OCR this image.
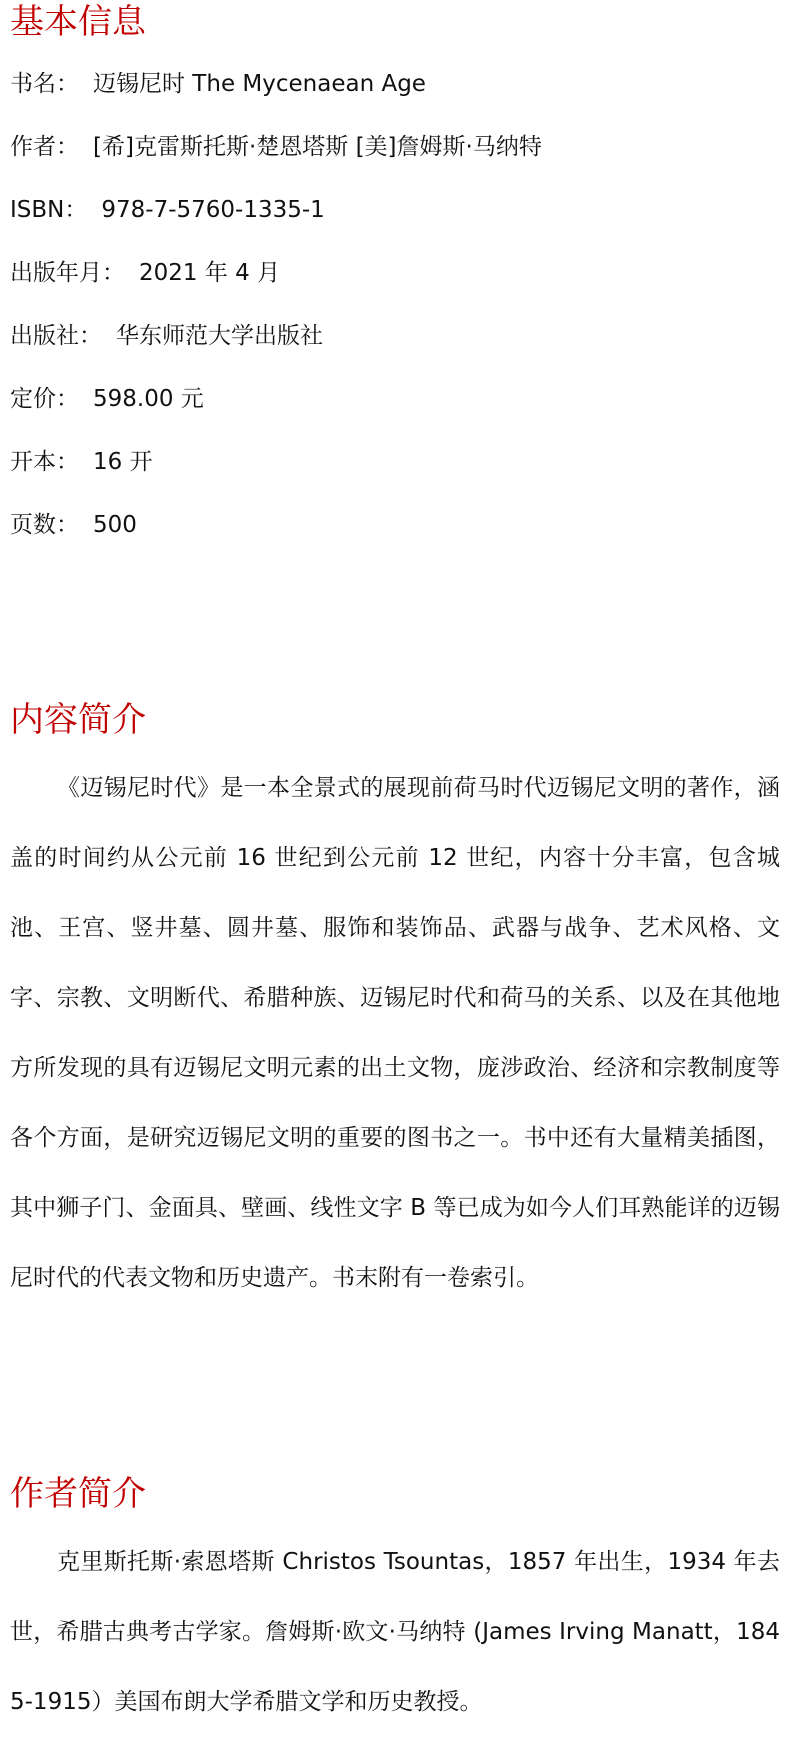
基本信息
书名： 迈锡尼时 The Mycenaean Age
作者： [希]克雷斯托斯·楚恩塔斯 [美]詹姆斯·马纳特
ISBN： 978-7-5760-1335-1
出版年月： 2021 年 4 月
出版社： 华东师范大学出版社
定价： 598.00 元
开本： 16 开
页数： 500
内容简介

《迈锡尼时代》是一本全景式的展现前荷马时代迈锡尼文明的著作，涵盖的时间约从公元前 16 世纪到公元前 12 世纪，内容十分丰富，包含城池、王宫、竖井墓、圆井墓、服饰和装饰品、武器与战争、艺术风格、文字、宗教、文明断代、希腊种族、迈锡尼时代和荷马的关系、以及在其他地方所发现的具有迈锡尼文明元素的出土文物，庞涉政治、经济和宗教制度等各个方面，是研究迈锡尼文明的重要的图书之一。书中还有大量精美插图，其中狮子门、金面具、壁画、线性文字 B 等已成为如今人们耳熟能详的迈锡尼时代的代表文物和历史遗产。书末附有一卷索引。

作者简介

克里斯托斯·索恩塔斯 Christos Tsountas，1857 年出生，1934 年去世，希腊古典考古学家。詹姆斯·欧文·马纳特 (James Irving Manatt，1845-1915）美国布朗大学希腊文学和历史教授。
